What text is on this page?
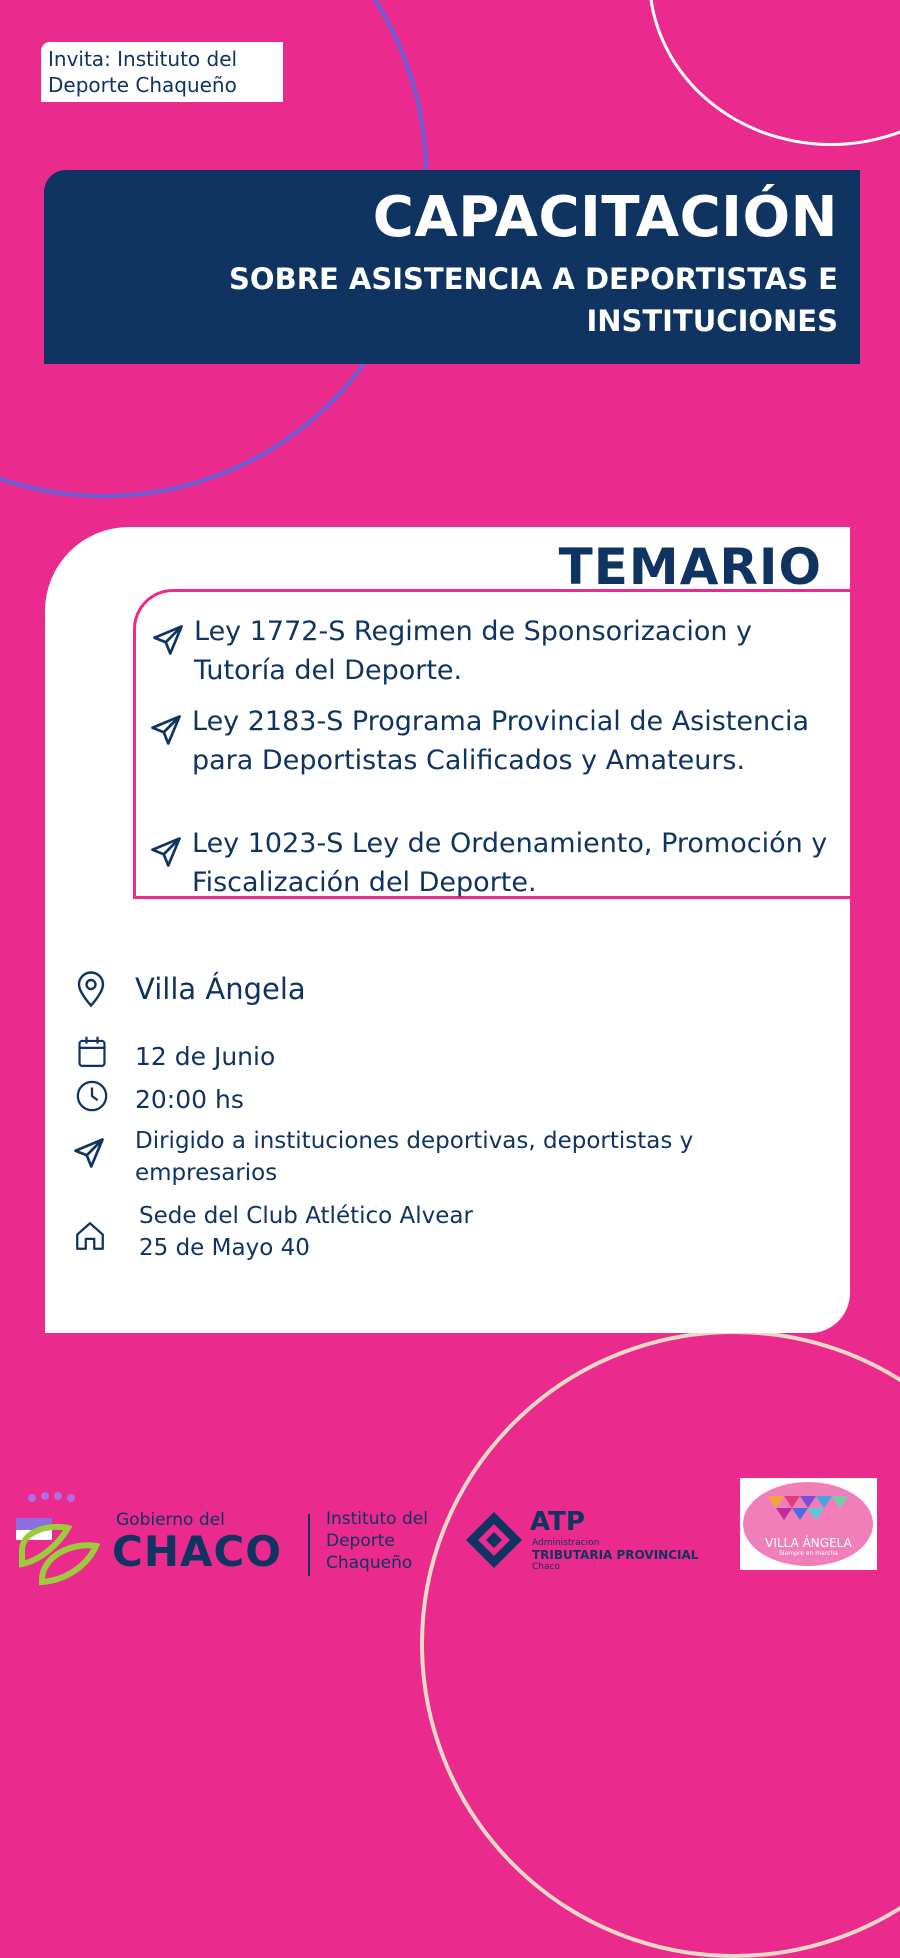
Invita: Instituto del Deporte Chaqueño
CAPACITACIÓN
SOBRE ASISTENCIA A DEPORTISTAS E
INSTITUCIONES
TEMARIO
Ley 1772-S Regimen de Sponsorizacion y Tutoría del Deporte.
Ley 2183-S Programa Provincial de Asistencia para Deportistas Calificados y Amateurs.
Ley 1023-S Ley de Ordenamiento, Promoción y Fiscalización del Deporte.
Villa Ángela
12 de Junio
20:00 hs
Dirigido a instituciones deportivas, deportistas y empresarios
Sede del Club Atlético Alvear
25 de Mayo 40
Gobierno del
CHACO
Instituto del Deporte Chaqueño
ATP
Administracion
TRIBUTARIA PROVINCIAL
Chaco
VILLA ÁNGELA
Siempre en marcha
